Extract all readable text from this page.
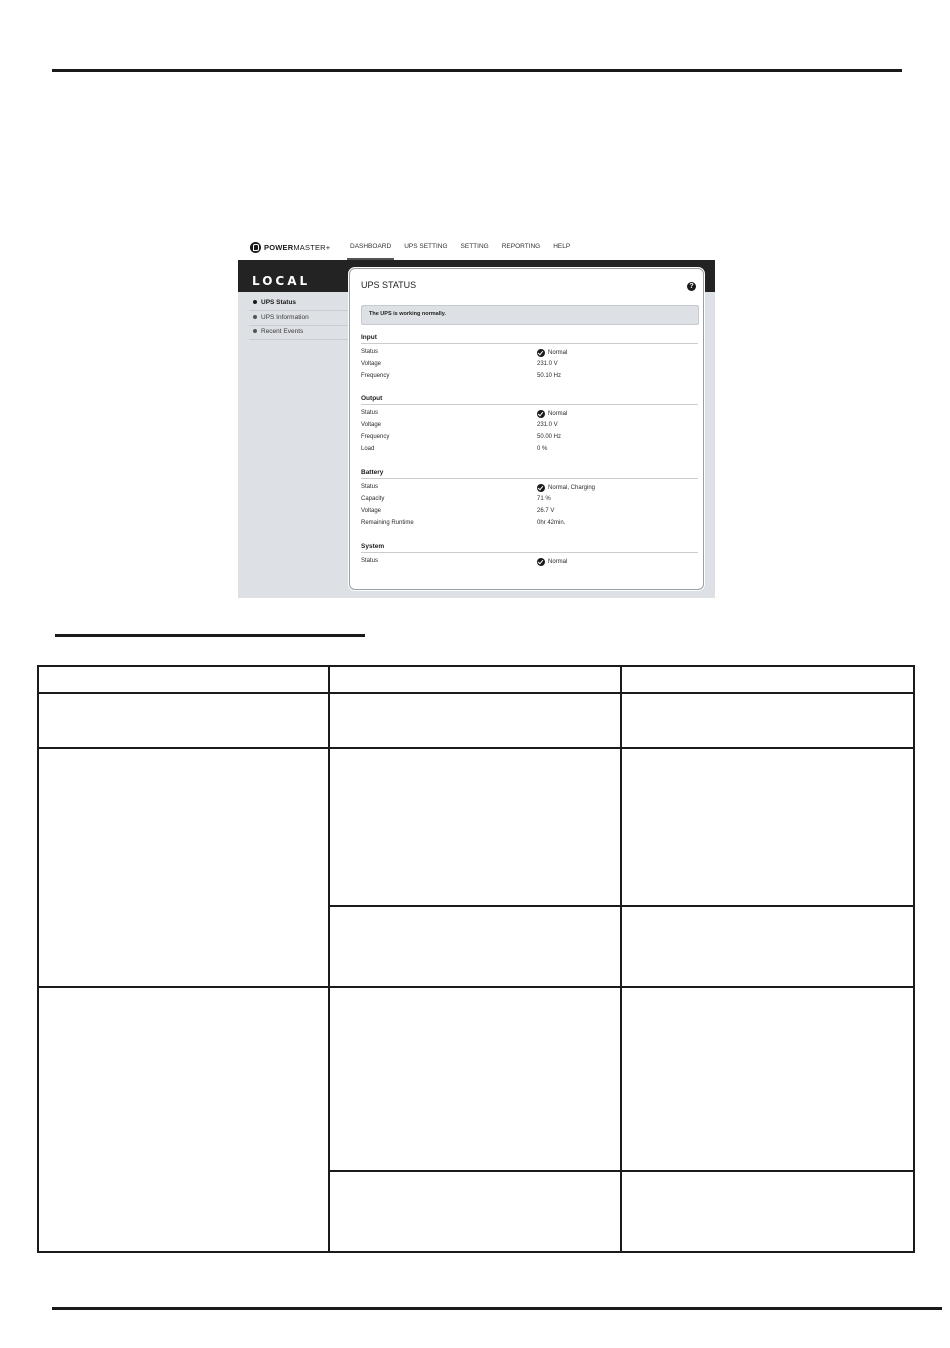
POWERMASTER+	DASHBOARD UPS SETTING SETTING REPORTING HELP
LOCAL
UPS Status
UPS Information
Recent Events
UPS STATUS	?
The UPS is working normally.
Input
Status	Normal
Voltage	231.0 V
Frequency	50.10 Hz
Output
Status	Normal
Voltage	231.0 V
Frequency	50.00 Hz
Load	0 %
Battery
Status	Normal, Charging
Capacity	71 %
Voltage	26.7 V
Remaining Runtime	0hr 42min.
System
Status	Normal
